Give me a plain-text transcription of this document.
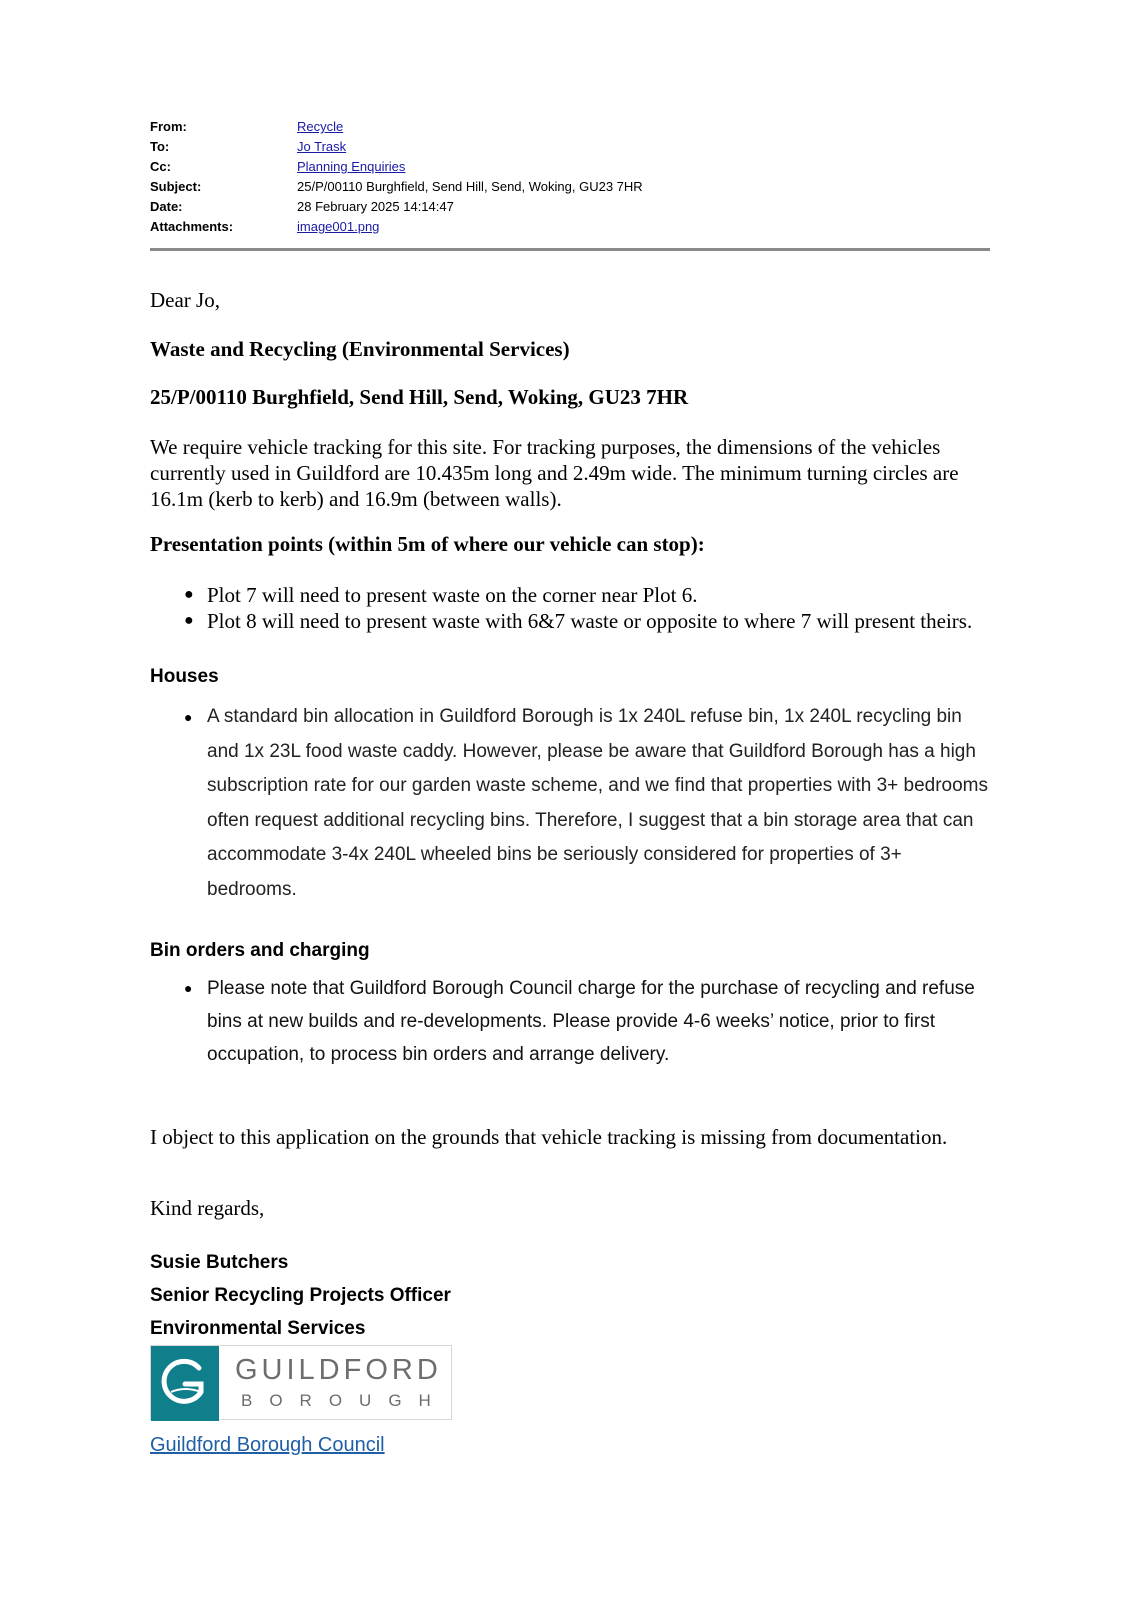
From:	Recycle
To:	Jo Trask
Cc:	Planning Enquiries
Subject:	25/P/00110 Burghfield, Send Hill, Send, Woking, GU23 7HR
Date:	28 February 2025 14:14:47
Attachments:	image001.png
Dear Jo,
Waste and Recycling (Environmental Services)
25/P/00110 Burghfield, Send Hill, Send, Woking, GU23 7HR
We require vehicle tracking for this site. For tracking purposes, the dimensions of the vehicles currently used in Guildford are 10.435m long and 2.49m wide. The minimum turning circles are 16.1m (kerb to kerb) and 16.9m (between walls).
Presentation points (within 5m of where our vehicle can stop):
● Plot 7 will need to present waste on the corner near Plot 6.
● Plot 8 will need to present waste with 6&7 waste or opposite to where 7 will present theirs.
Houses
● A standard bin allocation in Guildford Borough is 1x 240L refuse bin, 1x 240L recycling bin and 1x 23L food waste caddy. However, please be aware that Guildford Borough has a high subscription rate for our garden waste scheme, and we find that properties with 3+ bedrooms often request additional recycling bins. Therefore, I suggest that a bin storage area that can accommodate 3-4x 240L wheeled bins be seriously considered for properties of 3+ bedrooms.
Bin orders and charging
● Please note that Guildford Borough Council charge for the purchase of recycling and refuse bins at new builds and re-developments. Please provide 4-6 weeks’ notice, prior to first occupation, to process bin orders and arrange delivery.
I object to this application on the grounds that vehicle tracking is missing from documentation.
Kind regards,
Susie Butchers
Senior Recycling Projects Officer
Environmental Services
GUILDFORD
BOROUGH
Guildford Borough Council
